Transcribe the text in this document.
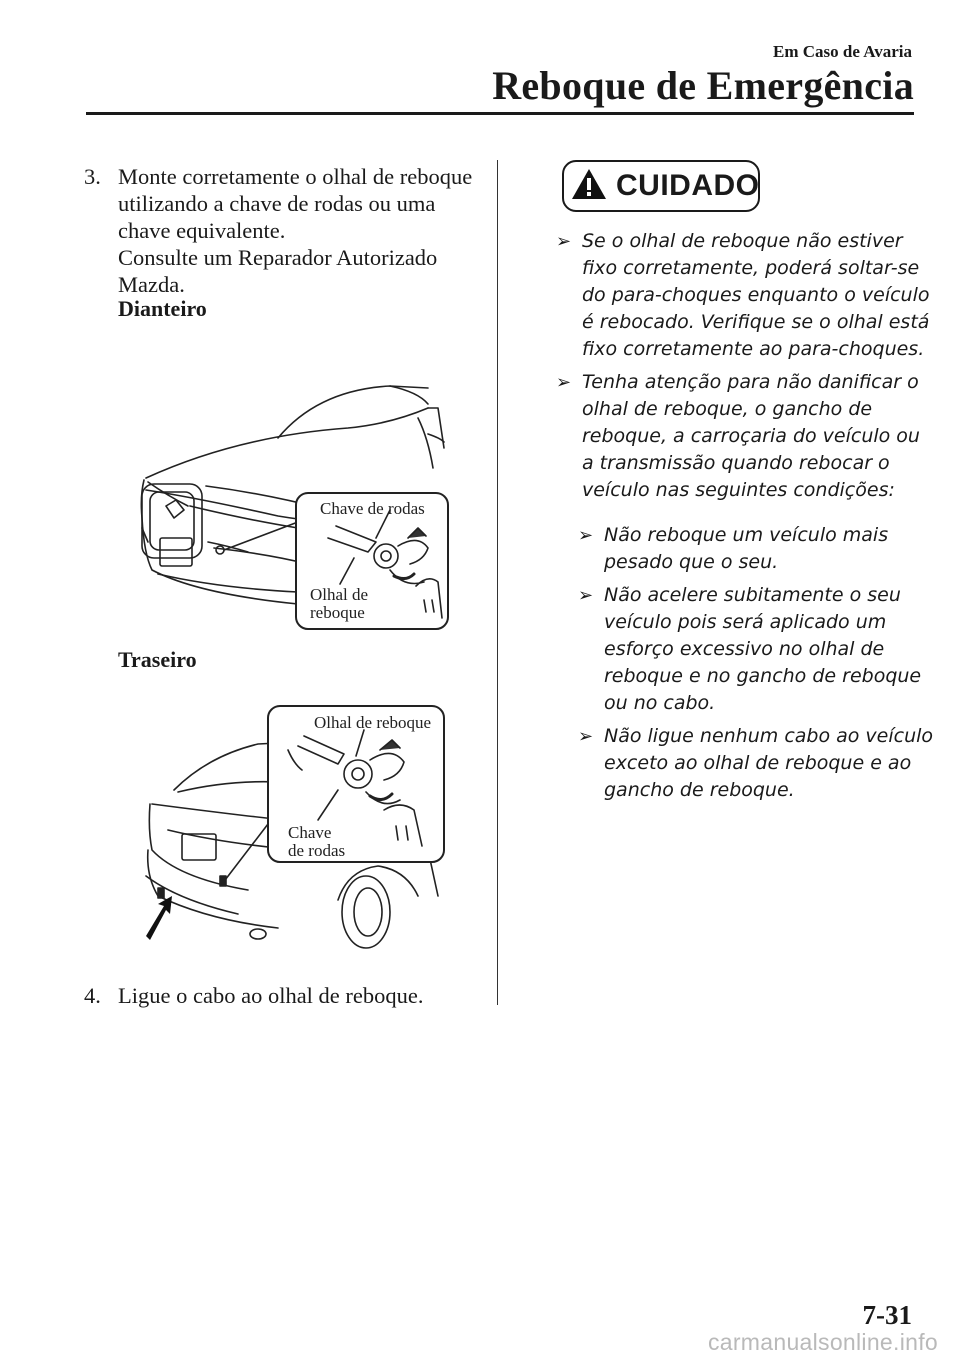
Em Caso de Avaria
Reboque de Emergência
3. Monte corretamente o olhal de reboque utilizando a chave de rodas ou uma chave equivalente.
Consulte um Reparador Autorizado Mazda.
Dianteiro
Chave de rodas
Olhal de
reboque
Traseiro
Olhal de reboque
Chave
de rodas
4. Ligue o cabo ao olhal de reboque.
CUIDADO
➢ Se o olhal de reboque não estiver fixo corretamente, poderá soltar-se do para-choques enquanto o veículo é rebocado. Verifique se o olhal está fixo corretamente ao para-choques.
➢ Tenha atenção para não danificar o olhal de reboque, o gancho de reboque, a carroçaria do veículo ou a transmissão quando rebocar o veículo nas seguintes condições:
➢ Não reboque um veículo mais pesado que o seu.
➢ Não acelere subitamente o seu veículo pois será aplicado um esforço excessivo no olhal de reboque e no gancho de reboque ou no cabo.
➢ Não ligue nenhum cabo ao veículo exceto ao olhal de reboque e ao gancho de reboque.
7-31
carmanualsonline.info
